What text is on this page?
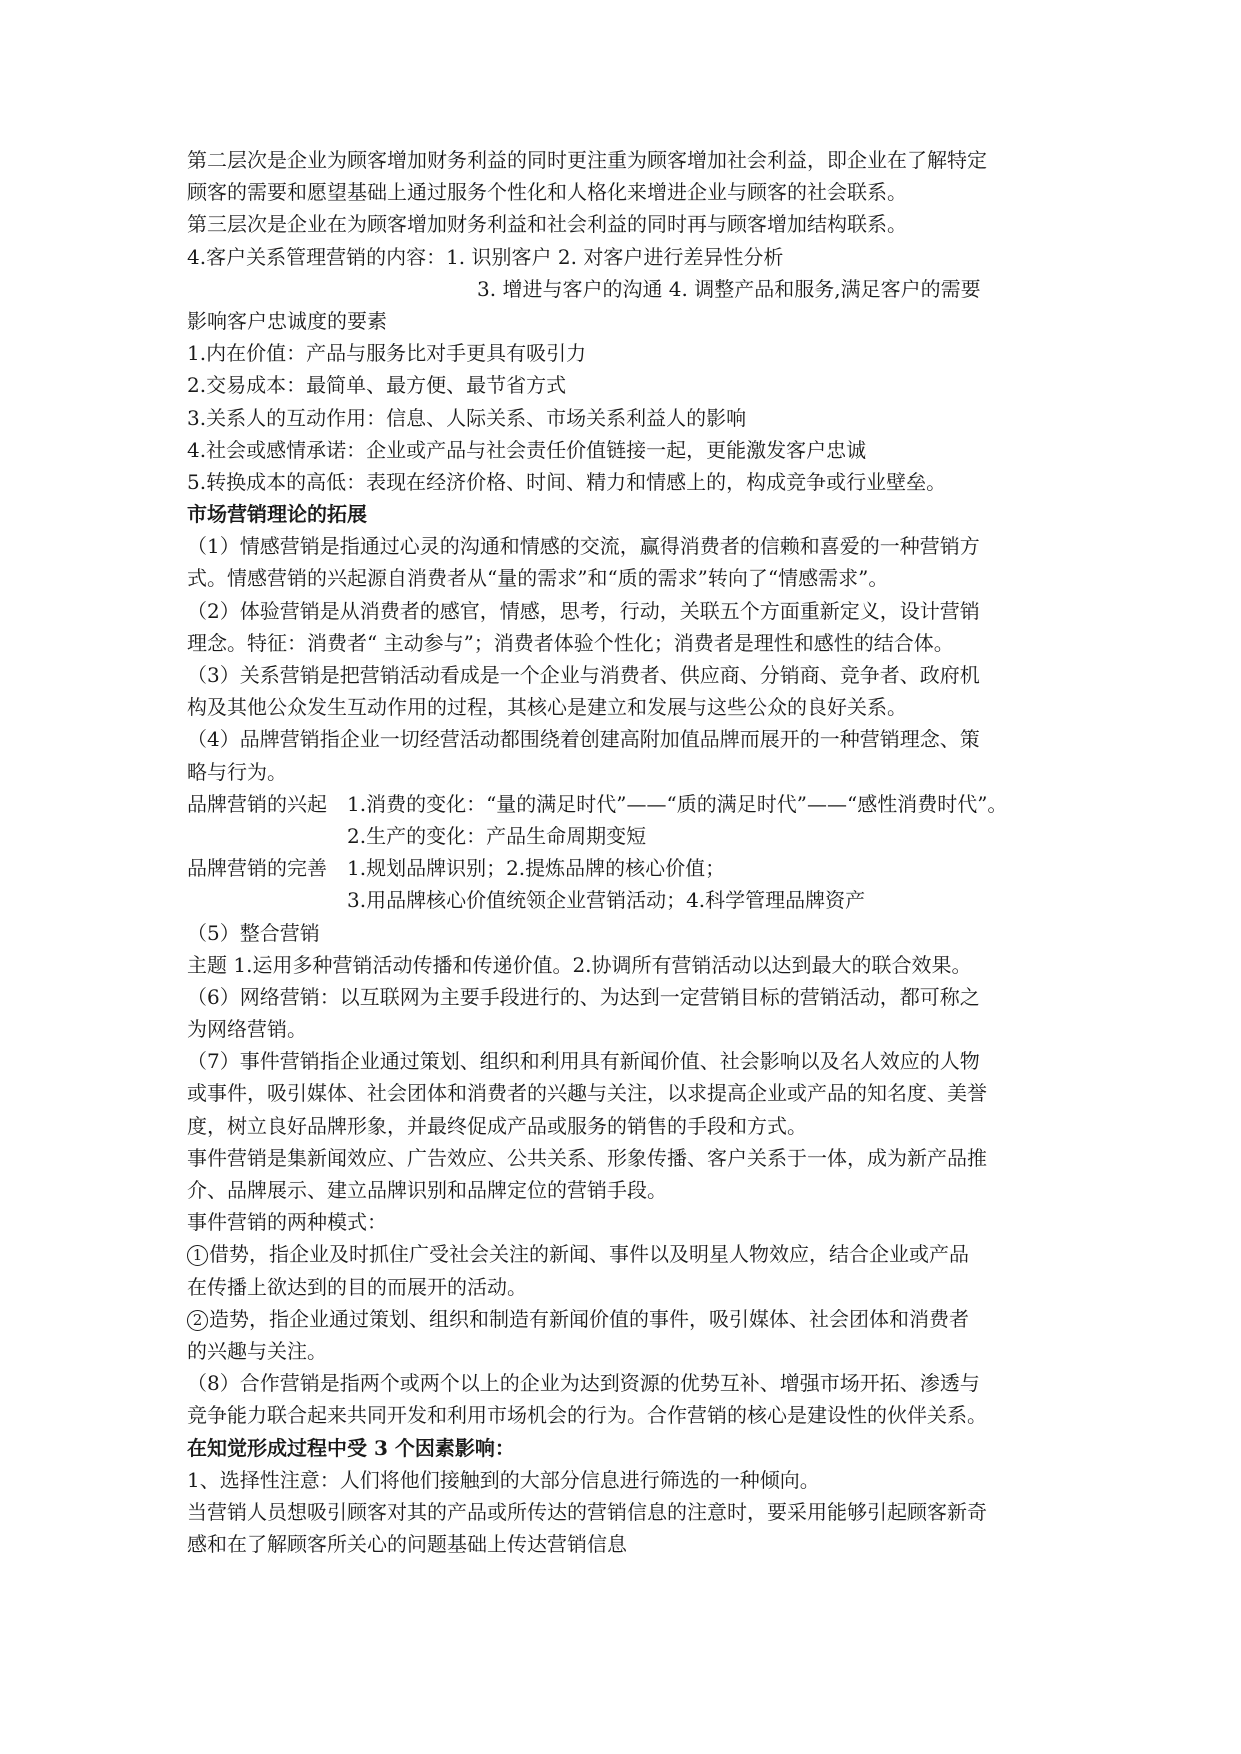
第二层次是企业为顾客增加财务利益的同时更注重为顾客增加社会利益，即企业在了解特定
顾客的需要和愿望基础上通过服务个性化和人格化来增进企业与顾客的社会联系。
第三层次是企业在为顾客增加财务利益和社会利益的同时再与顾客增加结构联系。
4.客户关系管理营销的内容：1. 识别客户 2. 对客户进行差异性分析
3. 增进与客户的沟通 4. 调整产品和服务,满足客户的需要
影响客户忠诚度的要素
1.内在价值：产品与服务比对手更具有吸引力
2.交易成本：最简单、最方便、最节省方式
3.关系人的互动作用：信息、人际关系、市场关系利益人的影响
4.社会或感情承诺：企业或产品与社会责任价值链接一起，更能激发客户忠诚
5.转换成本的高低：表现在经济价格、时间、精力和情感上的，构成竞争或行业壁垒。
市场营销理论的拓展
（1）情感营销是指通过心灵的沟通和情感的交流，赢得消费者的信赖和喜爱的一种营销方
式。情感营销的兴起源自消费者从“量的需求”和“质的需求”转向了“情感需求”。
（2）体验营销是从消费者的感官，情感，思考，行动，关联五个方面重新定义，设计营销
理念。特征：消费者“ 主动参与”；消费者体验个性化；消费者是理性和感性的结合体。
（3）关系营销是把营销活动看成是一个企业与消费者、供应商、分销商、竞争者、政府机
构及其他公众发生互动作用的过程，其核心是建立和发展与这些公众的良好关系。
（4）品牌营销指企业一切经营活动都围绕着创建高附加值品牌而展开的一种营销理念、策
略与行为。
品牌营销的兴起	1.消费的变化：“量的满足时代”——“质的满足时代”——“感性消费时代”。
2.生产的变化：产品生命周期变短
品牌营销的完善	1.规划品牌识别；2.提炼品牌的核心价值；
3.用品牌核心价值统领企业营销活动；4.科学管理品牌资产
（5）整合营销
主题 1.运用多种营销活动传播和传递价值。2.协调所有营销活动以达到最大的联合效果。
（6）网络营销：以互联网为主要手段进行的、为达到一定营销目标的营销活动，都可称之
为网络营销。
（7）事件营销指企业通过策划、组织和利用具有新闻价值、社会影响以及名人效应的人物
或事件，吸引媒体、社会团体和消费者的兴趣与关注，以求提高企业或产品的知名度、美誉
度，树立良好品牌形象，并最终促成产品或服务的销售的手段和方式。
事件营销是集新闻效应、广告效应、公共关系、形象传播、客户关系于一体，成为新产品推
介、品牌展示、建立品牌识别和品牌定位的营销手段。
事件营销的两种模式：
1 借势，指企业及时抓住广受社会关注的新闻、事件以及明星人物效应，结合企业或产品
在传播上欲达到的目的而展开的活动。
2 造势，指企业通过策划、组织和制造有新闻价值的事件，吸引媒体、社会团体和消费者
的兴趣与关注。
（8）合作营销是指两个或两个以上的企业为达到资源的优势互补、增强市场开拓、渗透与
竞争能力联合起来共同开发和利用市场机会的行为。合作营销的核心是建设性的伙伴关系。
在知觉形成过程中受 3 个因素影响：
1、选择性注意：人们将他们接触到的大部分信息进行筛选的一种倾向。
当营销人员想吸引顾客对其的产品或所传达的营销信息的注意时，要采用能够引起顾客新奇
感和在了解顾客所关心的问题基础上传达营销信息
